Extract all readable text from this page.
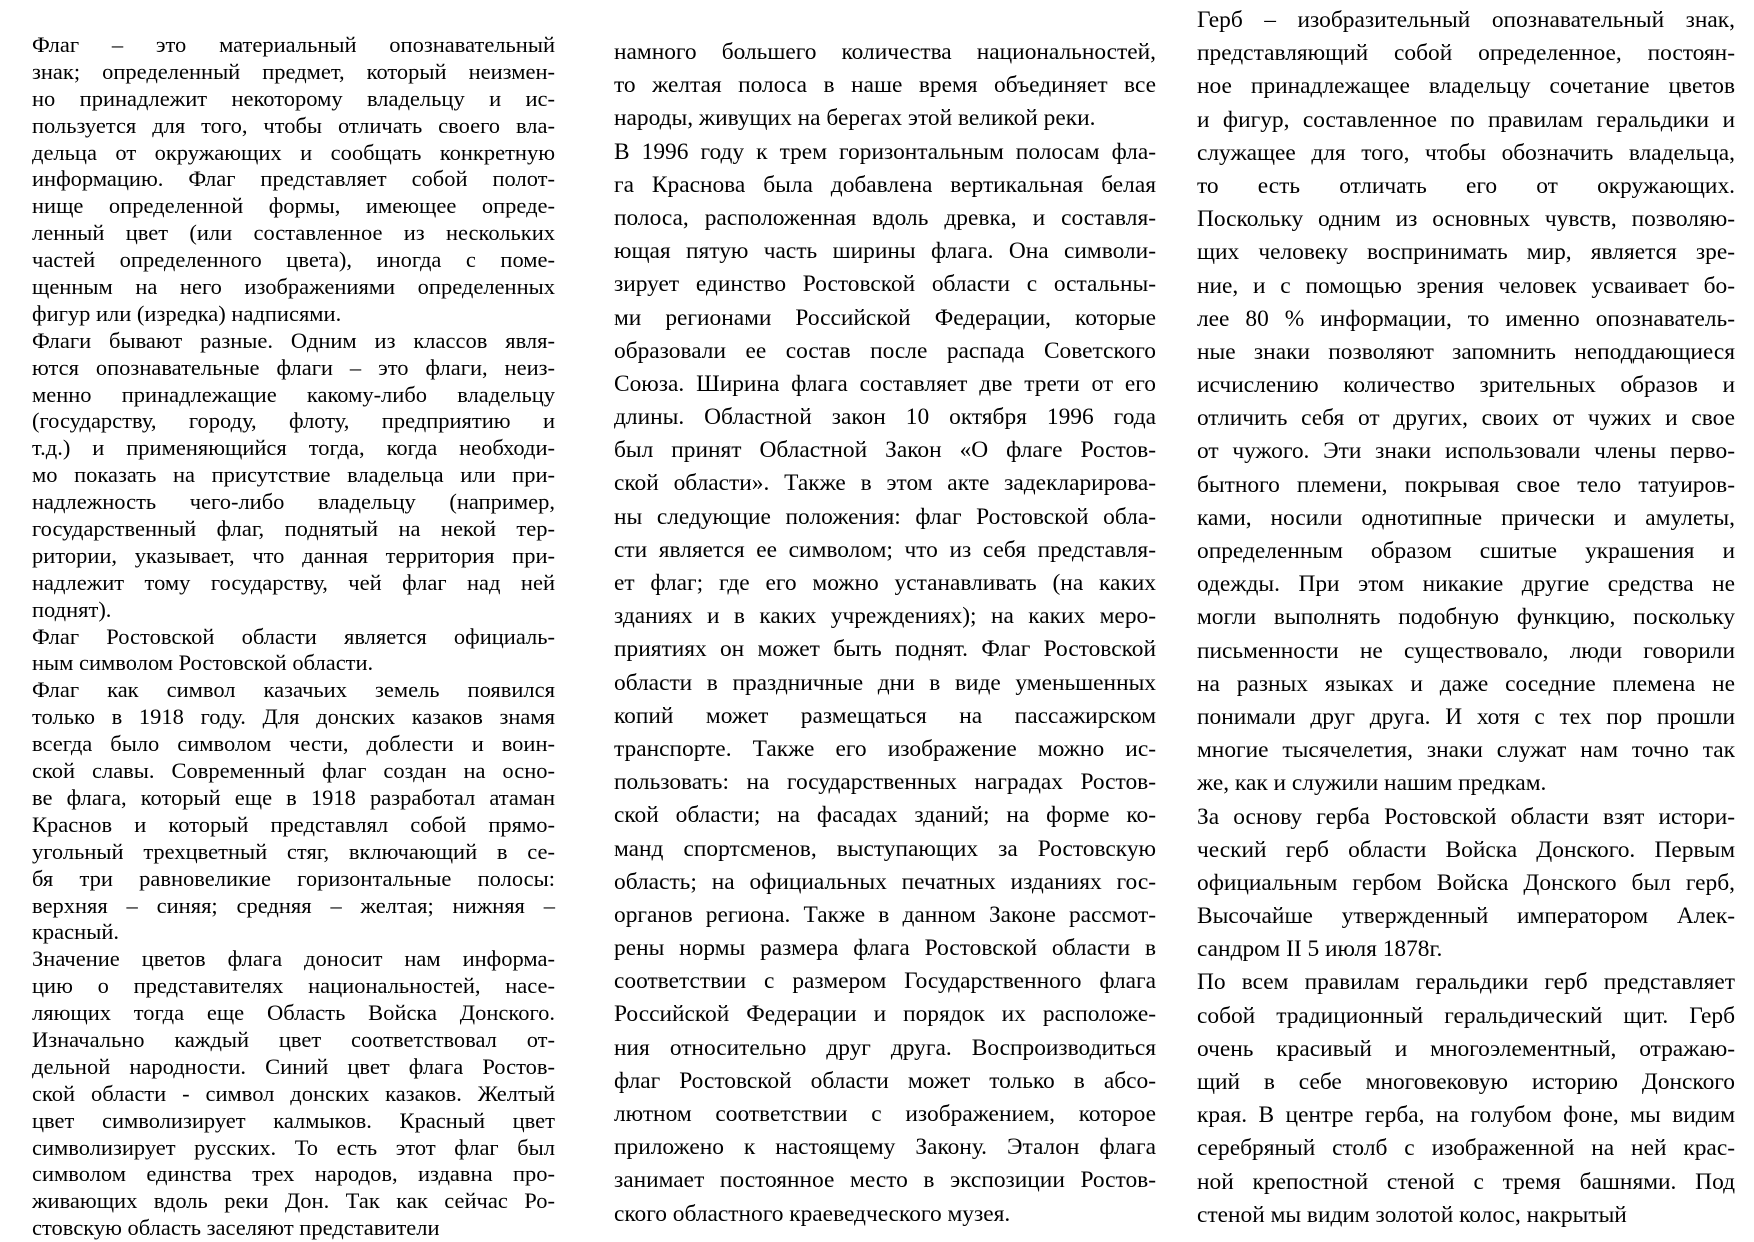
Флаг – это материальный опознавательный
знак; определенный предмет, который неизмен-
но принадлежит некоторому владельцу и ис-
пользуется для того, чтобы отличать своего вла-
дельца от окружающих и сообщать конкретную
информацию. Флаг представляет собой полот-
нище определенной формы, имеющее опреде-
ленный цвет (или составленное из нескольких
частей определенного цвета), иногда с поме-
щенным на него изображениями определенных
фигур или (изредка) надписями.
Флаги бывают разные. Одним из классов явля-
ются опознавательные флаги – это флаги, неиз-
менно принадлежащие какому-либо владельцу
(государству, городу, флоту, предприятию и
т.д.) и применяющийся тогда, когда необходи-
мо показать на присутствие владельца или при-
надлежность чего-либо владельцу (например,
государственный флаг, поднятый на некой тер-
ритории, указывает, что данная территория при-
надлежит тому государству, чей флаг над ней
поднят).
Флаг Ростовской области является официаль-
ным символом Ростовской области.
Флаг как символ казачьих земель появился
только в 1918 году. Для донских казаков знамя
всегда было символом чести, доблести и воин-
ской славы. Современный флаг создан на осно-
ве флага, который еще в 1918 разработал атаман
Краснов и который представлял собой прямо-
угольный трехцветный стяг, включающий в се-
бя три равновеликие горизонтальные полосы:
верхняя – синяя; средняя – желтая; нижняя –
красный.
Значение цветов флага доносит нам информа-
цию о представителях национальностей, насе-
ляющих тогда еще Область Войска Донского.
Изначально каждый цвет соответствовал от-
дельной народности. Синий цвет флага Ростов-
ской области - символ донских казаков. Желтый
цвет символизирует калмыков. Красный цвет
символизирует русских. То есть этот флаг был
символом единства трех народов, издавна про-
живающих вдоль реки Дон. Так как сейчас Ро-
стовскую область заселяют представители
намного большего количества национальностей,
то желтая полоса в наше время объединяет все
народы, живущих на берегах этой великой реки.
В 1996 году к трем горизонтальным полосам фла-
га Краснова была добавлена вертикальная белая
полоса, расположенная вдоль древка, и составля-
ющая пятую часть ширины флага. Она символи-
зирует единство Ростовской области с остальны-
ми регионами Российской Федерации, которые
образовали ее состав после распада Советского
Союза. Ширина флага составляет две трети от его
длины. Областной закон 10 октября 1996 года
был принят Областной Закон «О флаге Ростов-
ской области». Также в этом акте задекларирова-
ны следующие положения: флаг Ростовской обла-
сти является ее символом; что из себя представля-
ет флаг; где его можно устанавливать (на каких
зданиях и в каких учреждениях); на каких меро-
приятиях он может быть поднят. Флаг Ростовской
области в праздничные дни в виде уменьшенных
копий может размещаться на пассажирском
транспорте. Также его изображение можно ис-
пользовать: на государственных наградах Ростов-
ской области; на фасадах зданий; на форме ко-
манд спортсменов, выступающих за Ростовскую
область; на официальных печатных изданиях гос-
органов региона. Также в данном Законе рассмот-
рены нормы размера флага Ростовской области в
соответствии с размером Государственного флага
Российской Федерации и порядок их расположе-
ния относительно друг друга. Воспроизводиться
флаг Ростовской области может только в абсо-
лютном соответствии с изображением, которое
приложено к настоящему Закону. Эталон флага
занимает постоянное место в экспозиции Ростов-
ского областного краеведческого музея.
Герб – изобразительный опознавательный знак,
представляющий собой определенное, постоян-
ное принадлежащее владельцу сочетание цветов
и фигур, составленное по правилам геральдики и
служащее для того, чтобы обозначить владельца,
то есть отличать его от окружающих.
Поскольку одним из основных чувств, позволяю-
щих человеку воспринимать мир, является зре-
ние, и с помощью зрения человек усваивает бо-
лее 80 % информации, то именно опознаватель-
ные знаки позволяют запомнить неподдающиеся
исчислению количество зрительных образов и
отличить себя от других, своих от чужих и свое
от чужого. Эти знаки использовали члены перво-
бытного племени, покрывая свое тело татуиров-
ками, носили однотипные прически и амулеты,
определенным образом сшитые украшения и
одежды. При этом никакие другие средства не
могли выполнять подобную функцию, поскольку
письменности не существовало, люди говорили
на разных языках и даже соседние племена не
понимали друг друга. И хотя с тех пор прошли
многие тысячелетия, знаки служат нам точно так
же, как и служили нашим предкам.
За основу герба Ростовской области взят истори-
ческий герб области Войска Донского. Первым
официальным гербом Войска Донского был герб,
Высочайше утвержденный императором Алек-
сандром II 5 июля 1878г.
По всем правилам геральдики герб представляет
собой традиционный геральдический щит. Герб
очень красивый и многоэлементный, отражаю-
щий в себе многовековую историю Донского
края. В центре герба, на голубом фоне, мы видим
серебряный столб с изображенной на ней крас-
ной крепостной стеной с тремя башнями. Под
стеной мы видим золотой колос, накрытый
